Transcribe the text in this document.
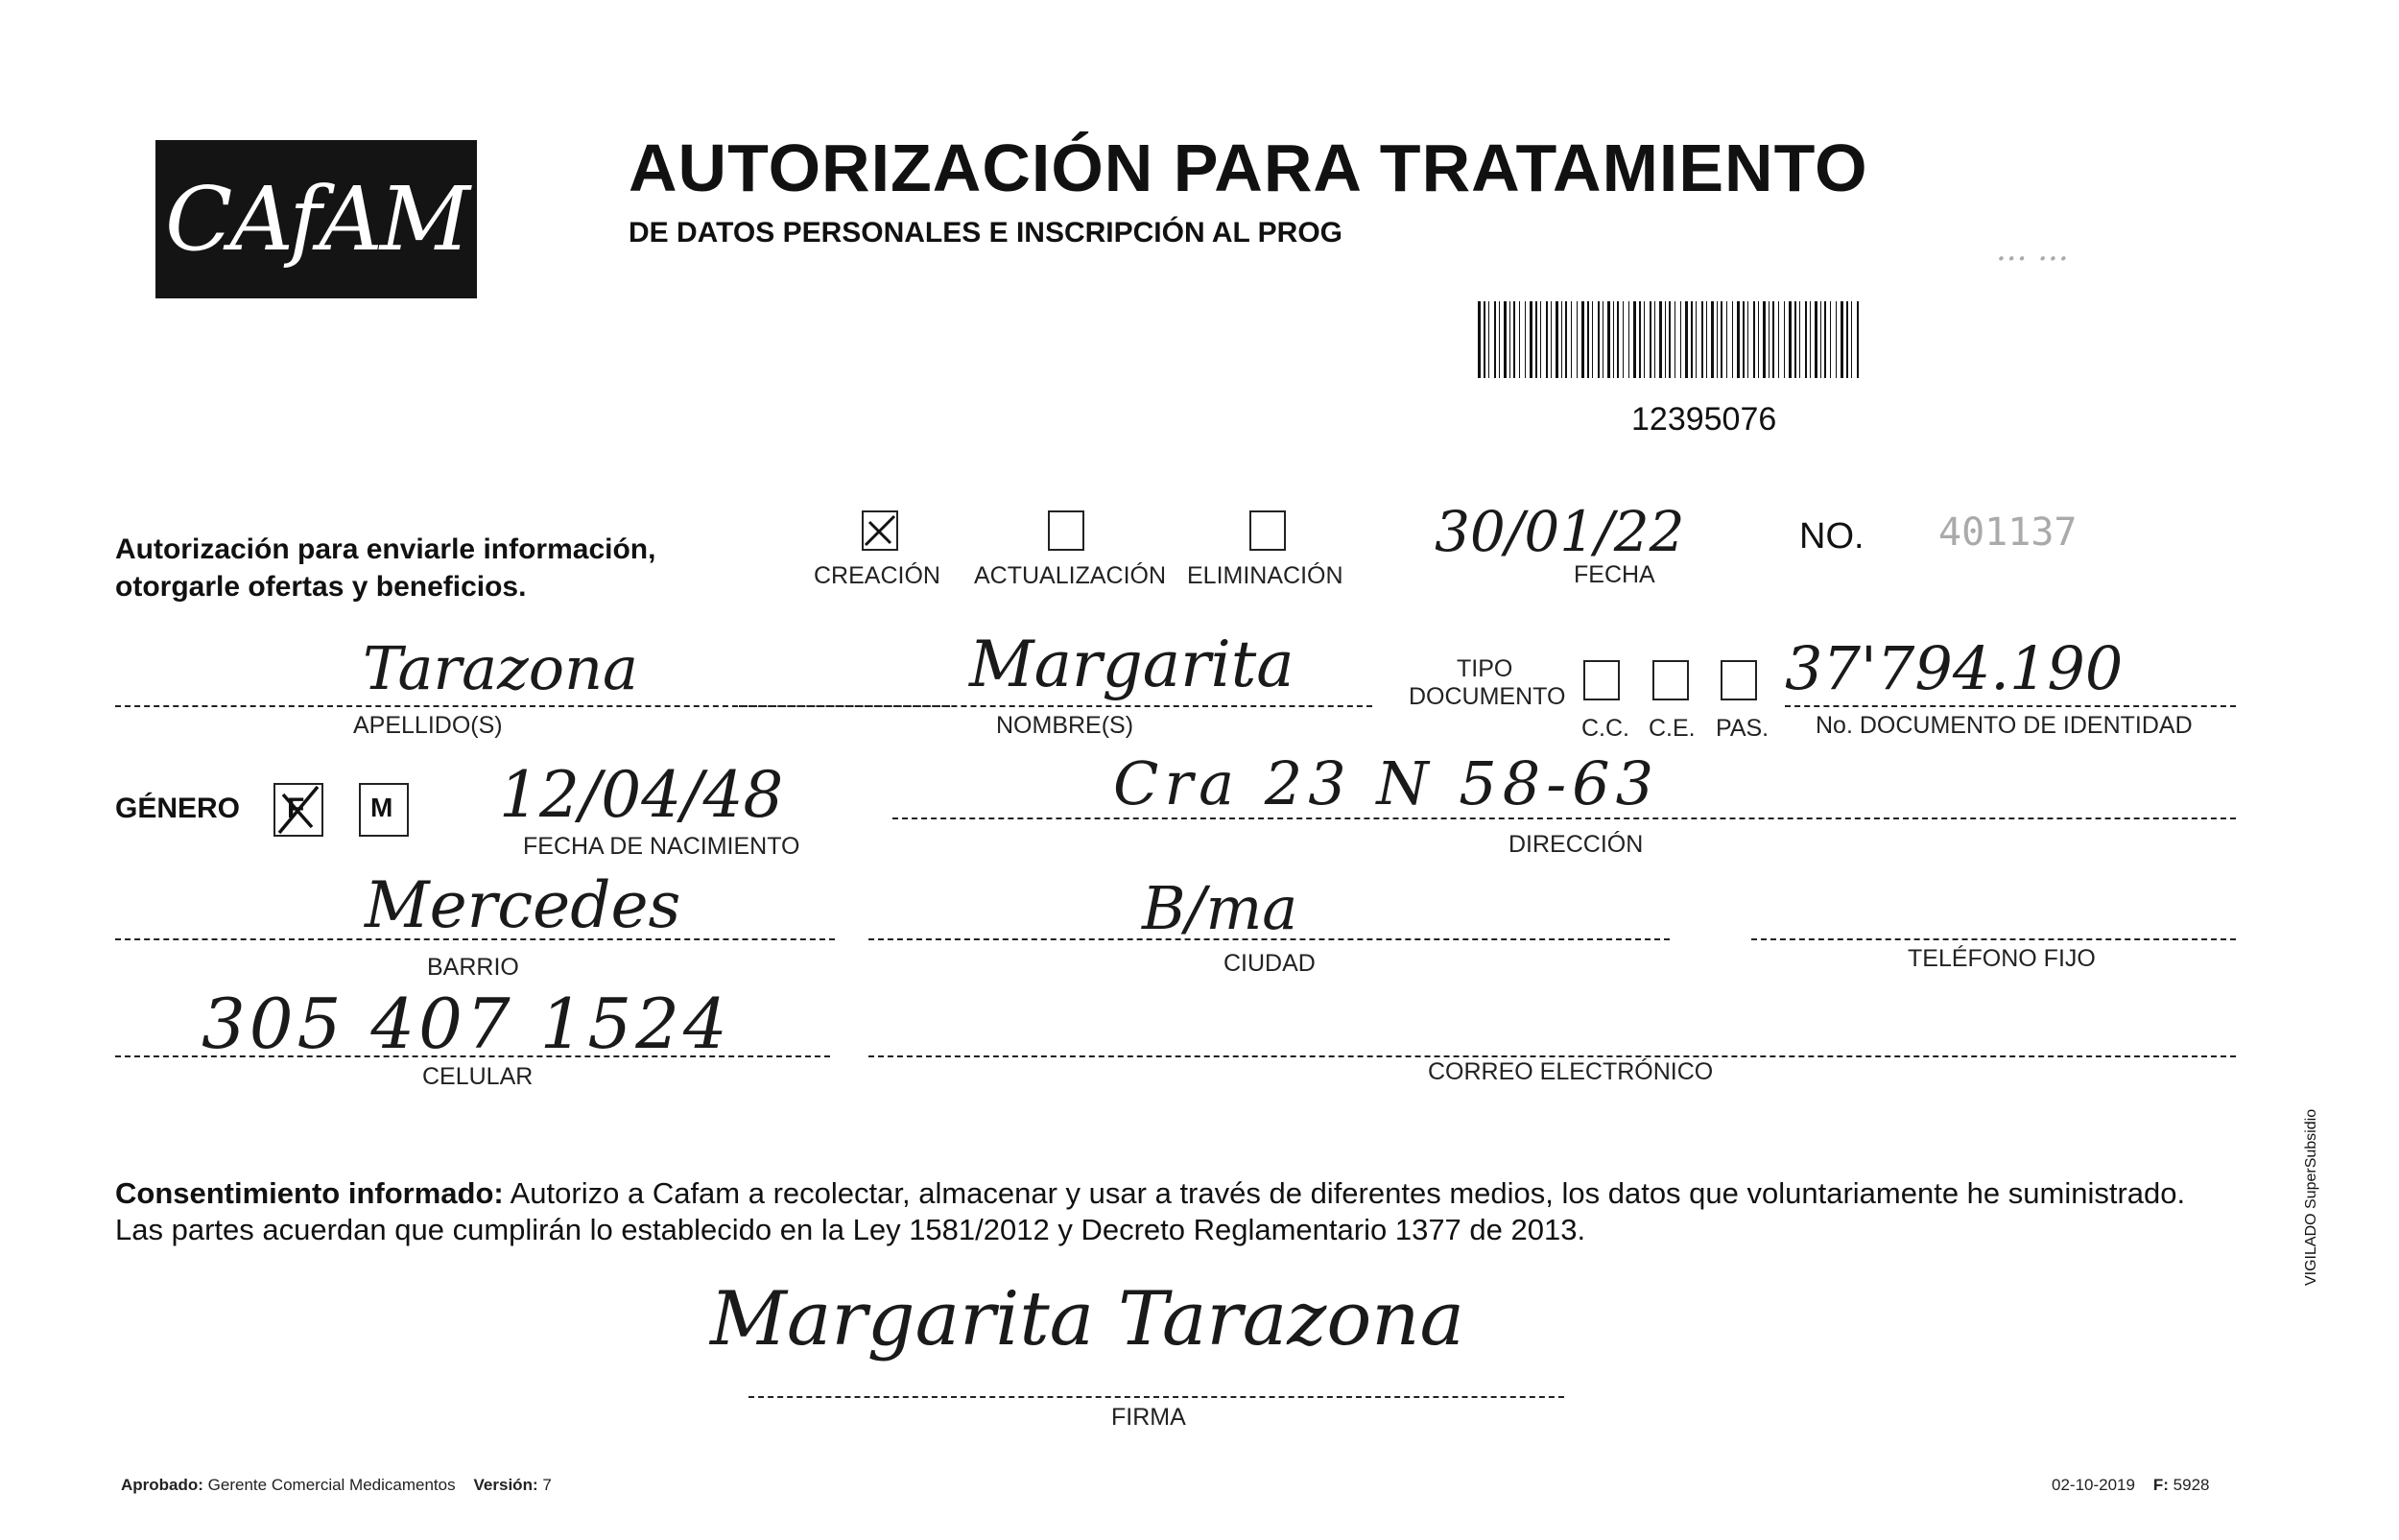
CAfAM AUTORIZACIÓN PARA TRATAMIENTO
DE DATOS PERSONALES E INSCRIPCIÓN AL PROG	... ...
12395076
Autorización para enviarle información,
otorgarle ofertas y beneficios.	CREACIÓN ACTUALIZACIÓN ELIMINACIÓN
30/01/22
FECHA
NO. 401137
Tarazona
APELLIDO(S)
Margarita
NOMBRE(S)
TIPO
DOCUMENTO
C.C. C.E. PAS.
37'794.190
No. DOCUMENTO DE IDENTIDAD
GÉNERO F M 12/04/48
FECHA DE NACIMIENTO
Cra 23 N 58-63
DIRECCIÓN
Mercedes
BARRIO
B/ma
CIUDAD	TELÉFONO FIJO
305 407 1524
CELULAR	CORREO ELECTRÓNICO
Consentimiento informado: Autorizo a Cafam a recolectar, almacenar y usar a través de diferentes medios, los datos que voluntariamente he suministrado. Las partes acuerdan que cumplirán lo establecido en la Ley 1581/2012 y Decreto Reglamentario 1377 de 2013.
Margarita Tarazona
FIRMA
Aprobado: Gerente Comercial Medicamentos Versión: 7	02-10-2019 F: 5928
VIGILADO SuperSubsidio
